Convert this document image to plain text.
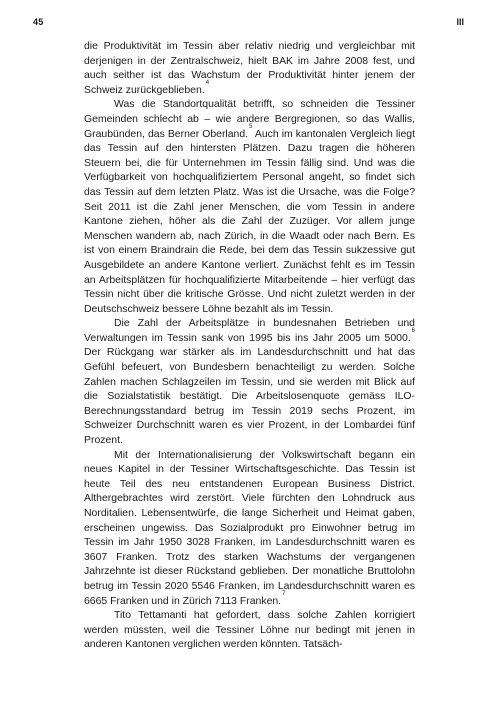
45	III

die Produktivität im Tessin aber relativ niedrig und vergleichbar mit derjenigen in der Zentralschweiz, hielt BAK im Jahre 2008 fest, und auch seither ist das Wachstum der Produktivität hinter jenem der Schweiz zurückgeblieben.$^4$

Was die Standortqualität betrifft, so schneiden die Tessiner Gemeinden schlecht ab – wie andere Bergregionen, so das Wallis, Graubünden, das Berner Oberland.$^5$ Auch im kantonalen Vergleich liegt das Tessin auf den hintersten Plätzen. Dazu tragen die höheren Steuern bei, die für Unternehmen im Tessin fällig sind. Und was die Verfügbarkeit von hochqualifiziertem Personal angeht, so findet sich das Tessin auf dem letzten Platz. Was ist die Ursache, was die Folge? Seit 2011 ist die Zahl jener Menschen, die vom Tessin in andere Kantone ziehen, höher als die Zahl der Zuzüger. Vor allem junge Menschen wandern ab, nach Zürich, in die Waadt oder nach Bern. Es ist von einem Braindrain die Rede, bei dem das Tessin sukzessive gut Ausgebildete an andere Kantone verliert. Zunächst fehlt es im Tessin an Arbeitsplätzen für hochqualifizierte Mitarbeitende – hier verfügt das Tessin nicht über die kritische Grösse. Und nicht zuletzt werden in der Deutschschweiz bessere Löhne bezahlt als im Tessin.

Die Zahl der Arbeitsplätze in bundesnahen Betrieben und Verwaltungen im Tessin sank von 1995 bis ins Jahr 2005 um 5000.$^6$ Der Rückgang war stärker als im Landesdurchschnitt und hat das Gefühl befeuert, von Bundesbern benachteiligt zu werden. Solche Zahlen machen Schlagzeilen im Tessin, und sie werden mit Blick auf die Sozialstatistik bestätigt. Die Arbeitslosenquote gemäss ILO-Berechnungsstandard betrug im Tessin 2019 sechs Prozent, im Schweizer Durchschnitt waren es vier Prozent, in der Lombardei fünf Prozent.

Mit der Internationalisierung der Volkswirtschaft begann ein neues Kapitel in der Tessiner Wirtschaftsgeschichte. Das Tessin ist heute Teil des neu entstandenen European Business District. Althergebrachtes wird zerstört. Viele fürchten den Lohndruck aus Norditalien. Lebensentwürfe, die lange Sicherheit und Heimat gaben, erscheinen ungewiss. Das Sozialprodukt pro Einwohner betrug im Tessin im Jahr 1950 3028 Franken, im Landesdurchschnitt waren es 3607 Franken. Trotz des starken Wachstums der vergangenen Jahrzehnte ist dieser Rückstand geblieben. Der monatliche Bruttolohn betrug im Tessin 2020 5546 Franken, im Landesdurchschnitt waren es 6665 Franken und in Zürich 7113 Franken.$^7$

Tito Tettamanti hat gefordert, dass solche Zahlen korrigiert werden müssten, weil die Tessiner Löhne nur bedingt mit jenen in anderen Kantonen verglichen werden könnten. Tatsäch-
